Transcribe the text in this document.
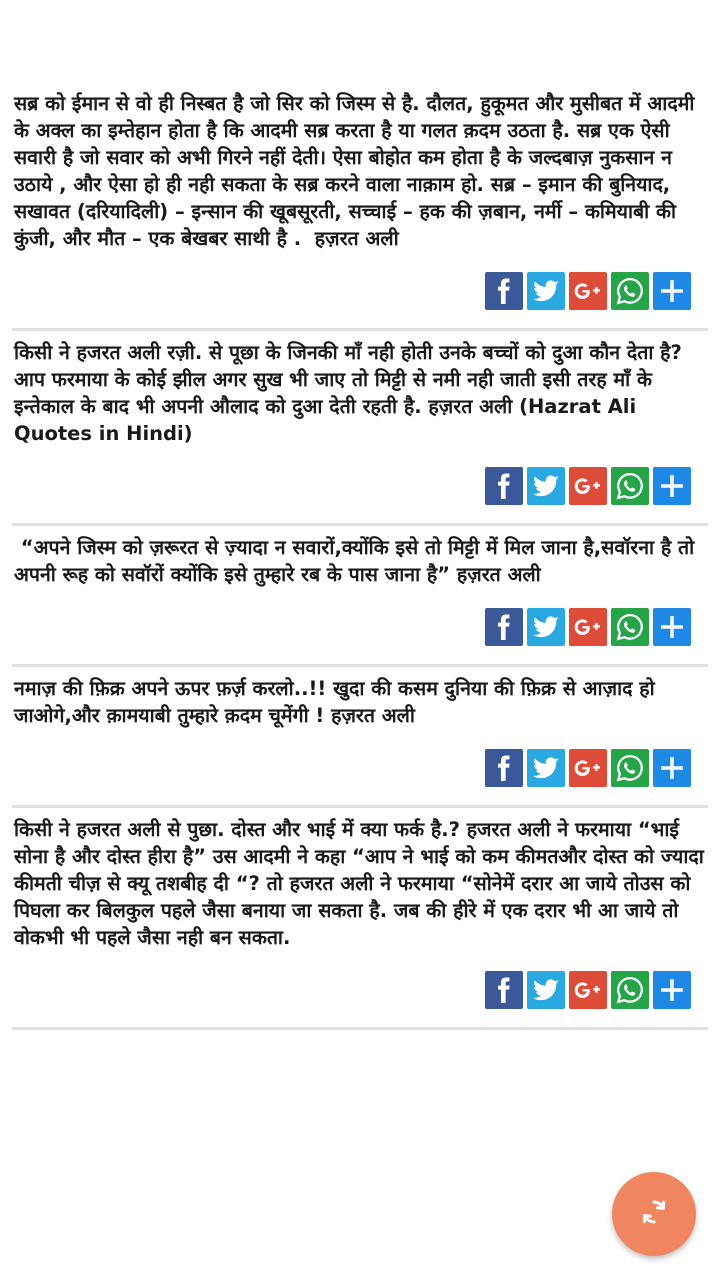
सब्र को ईमान से वो ही निस्बत है जो सिर को जिस्म से है. दौलत, हुकूमत और मुसीबत में आदमी के अक्ल का इम्तेहान होता है कि आदमी सब्र करता है या गलत क़दम उठता है. सब्र एक ऐसी सवारी है जो सवार को अभी गिरने नहीं देती। ऐसा बोहोत कम होता है के जल्दबाज़ नुकसान न उठाये , और ऐसा हो ही नही सकता के सब्र करने वाला नाक़ाम हो. सब्र – इमान की बुनियाद, सखावत (दरियादिली) – इन्सान की खूबसूरती, सच्चाई – हक की ज़बान, नर्मी – कमियाबी की कुंजी, और मौत – एक बेखबर साथी है .  हज़रत अली

किसी ने हजरत अली रज़ी. से पूछा के जिनकी माँ नही होती उनके बच्चों को दुआ कौन देता है? आप फरमाया के कोई झील अगर सुख भी जाए तो मिट्टी से नमी नही जाती इसी तरह माँ के इन्तेकाल के बाद भी अपनी औलाद को दुआ देती रहती है. हज़रत अली (Hazrat Ali Quotes in Hindi)

“अपने जिस्म को ज़रूरत से ज़्यादा न सवारों,क्योंकि इसे तो मिट्टी में मिल जाना है,सवॉरना है तो अपनी रूह को सवॉरों क्योंकि इसे तुम्हारे रब के पास जाना है” हज़रत अली

नमाज़ की फ़िक्र अपने ऊपर फ़र्ज़ करलो..!! खुदा की कसम दुनिया की फ़िक्र से आज़ाद हो जाओगे,और क़ामयाबी तुम्हारे क़दम चूमेंगी ! हज़रत अली

किसी ने हजरत अली से पुछा. दोस्त और भाई में क्या फर्क है.? हजरत अली ने फरमाया “भाई सोना है और दोस्त हीरा है” उस आदमी ने कहा “आप ने भाई को कम कीमतऔर दोस्त को ज्यादा कीमती चीज़ से क्यू तशबीह दी “? तो हजरत अली ने फरमाया “सोनेमें दरार आ जाये तोउस को पिघला कर बिलकुल पहले जैसा बनाया जा सकता है. जब की हीरे में एक दरार भी आ जाये तो वोकभी भी पहले जैसा नही बन सकता.
